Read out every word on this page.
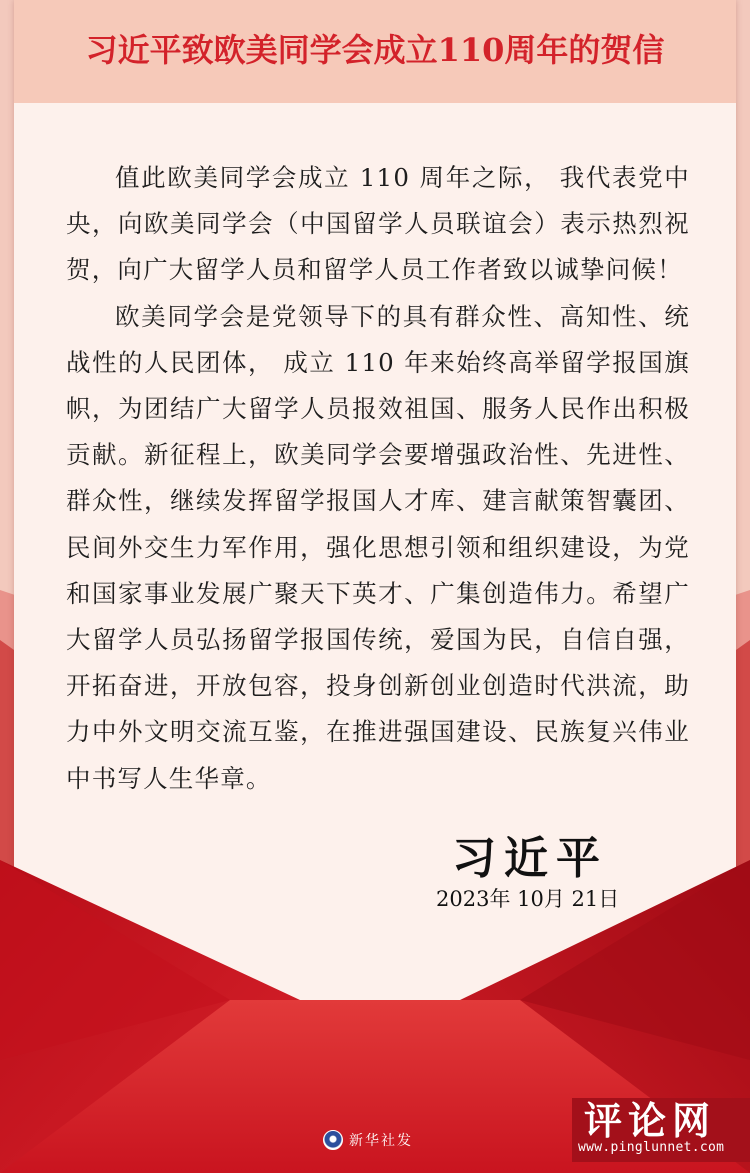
习近平致欧美同学会成立110周年的贺信

值此欧美同学会成立 110 周年之际， 我代表党中央，向欧美同学会（中国留学人员联谊会）表示热烈祝贺，向广大留学人员和留学人员工作者致以诚挚问候！

欧美同学会是党领导下的具有群众性、高知性、统战性的人民团体， 成立 110 年来始终高举留学报国旗帜，为团结广大留学人员报效祖国、服务人民作出积极贡献。新征程上，欧美同学会要增强政治性、先进性、群众性，继续发挥留学报国人才库、建言献策智囊团、民间外交生力军作用，强化思想引领和组织建设，为党和国家事业发展广聚天下英才、广集创造伟力。希望广大留学人员弘扬留学报国传统，爱国为民，自信自强，开拓奋进，开放包容，投身创新创业创造时代洪流，助力中外文明交流互鉴，在推进强国建设、民族复兴伟业中书写人生华章。

习近平
2023年 10月 21日
新华社发	评论网
www.pinglunnet.com
